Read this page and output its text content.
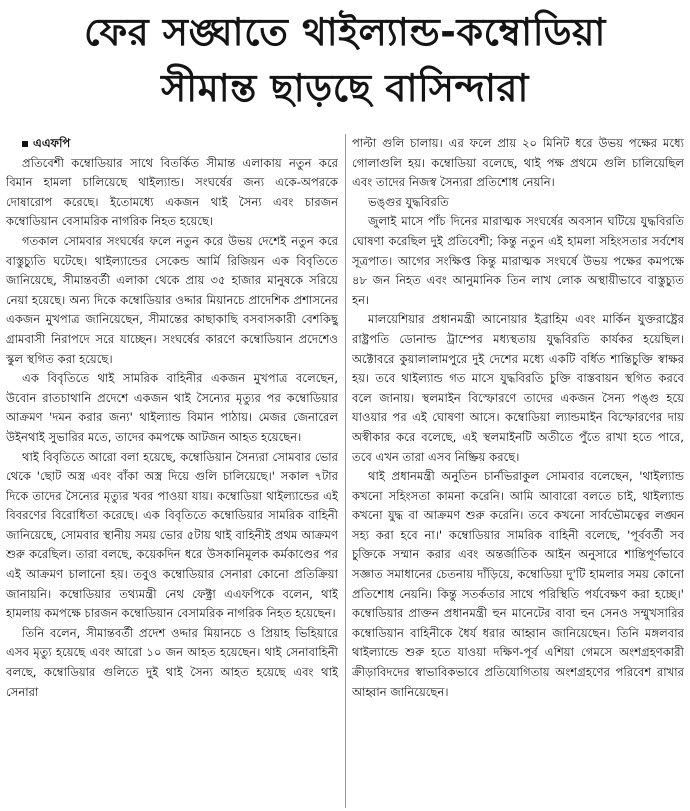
ফের সঙ্ঘাতে থাইল্যান্ড-কম্বোডিয়া
সীমান্ত ছাড়ছে বাসিন্দারা

এএফপি

প্রতিবেশী কম্বোডিয়ার সাথে বিতর্কিত সীমান্ত এলাকায় নতুন করে বিমান হামলা চালিয়েছে থাইল্যান্ড। সংঘর্ষের জন্য একে-অপরকে দোষারোপ করেছে। ইতোমধ্যে একজন থাই সৈন্য এবং চারজন কম্বোডিয়ান বেসামরিক নাগরিক নিহত হয়েছে।

গতকাল সোমবার সংঘর্ষের ফলে নতুন করে উভয় দেশেই নতুন করে বাস্তুচ্যুতি ঘটেছে। থাইল্যান্ডের সেকেন্ড আর্মি রিজিয়ন এক বিবৃতিতে জানিয়েছে, সীমান্তবর্তী এলাকা থেকে প্রায় ৩৫ হাজার মানুষকে সরিয়ে নেয়া হয়েছে। অন্য দিকে কম্বোডিয়ার ওদ্দার মিয়ানচে প্রাদেশিক প্রশাসনের একজন মুখপাত্র জানিয়েছেন, সীমান্তের কাছাকাছি বসবাসকারী বেশকিছু গ্রামবাসী নিরাপদে সরে যাচ্ছেন। সংঘর্ষের কারণে কম্বোডিয়ান প্রদেশেও স্কুল স্থগিত করা হয়েছে।

এক বিবৃতিতে থাই সামরিক বাহিনীর একজন মুখপাত্র বলেছেন, উবোন রাতচাথানি প্রদেশে একজন থাই সৈন্যের মৃত্যুর পর কম্বোডিয়ার আক্রমণ 'দমন করার জন্য' থাইল্যান্ড বিমান পাঠায়। মেজর জেনারেল উইনথাই সুভারির মতে, তাদের কমপক্ষে আটজন আহত হয়েছেন।

থাই বিবৃতিতে আরো বলা হয়েছে, কম্বোডিয়ান সৈন্যরা সোমবার ভোর থেকে 'ছোট অস্ত্র এবং বাঁকা অস্ত্র দিয়ে গুলি চালিয়েছে।' সকাল ৭টার দিকে তাদের সৈন্যের মৃত্যুর খবর পাওয়া যায়। কম্বোডিয়া থাইল্যান্ডের এই বিবরণের বিরোধিতা করেছে। এক বিবৃতিতে কম্বোডিয়ার সামরিক বাহিনী জানিয়েছে, সোমবার স্থানীয় সময় ভোর ৫টায় থাই বাহিনীই প্রথম আক্রমণ শুরু করেছিল। তারা বলছে, কয়েকদিন ধরে উসকানিমূলক কর্মকাণ্ডের পর এই আক্রমণ চালানো হয়। তবুও কম্বোডিয়ার সেনারা কোনো প্রতিক্রিয়া জানায়নি। কম্বোডিয়ার তথ্যমন্ত্রী নেথ ফেক্ট্রা এএফপিকে বলেন, থাই হামলায় কমপক্ষে চারজন কম্বোডিয়ান বেসামরিক নাগরিক নিহত হয়েছেন।

তিনি বলেন, সীমান্তবর্তী প্রদেশ ওদ্দার মিয়ানচে ও প্রিয়াহ ভিহিয়ারে এসব মৃত্যু হয়েছে এবং আরো ১০ জন আহত হয়েছেন। থাই সেনাবাহিনী বলছে, কম্বোডিয়ার গুলিতে দুই থাই সৈন্য আহত হয়েছে এবং থাই সেনারা

পাল্টা গুলি চালায়। এর ফলে প্রায় ২০ মিনিট ধরে উভয় পক্ষের মধ্যে গোলাগুলি হয়। কম্বোডিয়া বলেছে, থাই পক্ষ প্রথমে গুলি চালিয়েছিল এবং তাদের নিজস্ব সৈন্যরা প্রতিশোধ নেয়নি।

ভঙ্গুর যুদ্ধবিরতি

জুলাই মাসে পাঁচ দিনের মারাত্মক সংঘর্ষের অবসান ঘটিয়ে যুদ্ধবিরতি ঘোষণা করেছিল দুই প্রতিবেশী; কিন্তু নতুন এই হামলা সহিংসতার সর্বশেষ সূত্রপাত। আগের সংক্ষিপ্ত কিন্তু মারাত্মক সংঘর্ষে উভয় পক্ষের কমপক্ষে ৪৮ জন নিহত এবং আনুমানিক তিন লাখ লোক অস্থায়ীভাবে বাস্তুচ্যুত হন।

মালয়েশিয়ার প্রধানমন্ত্রী আনোয়ার ইব্রাহিম এবং মার্কিন যুক্তরাষ্ট্রের রাষ্ট্রপতি ডোনাল্ড ট্রাম্পের মধ্যস্থতায় যুদ্ধবিরতি কার্যকর হয়েছিল। অক্টোবরে কুয়ালালামপুরে দুই দেশের মধ্যে একটি বর্ধিত শান্তিচুক্তি স্বাক্ষর হয়। তবে থাইল্যান্ড গত মাসে যুদ্ধবিরতি চুক্তি বাস্তবায়ন স্থগিত করবে বলে জানায়। স্থলমাইন বিস্ফোরণে তাদের একজন সৈন্য পঙ্গু হয়ে যাওয়ার পর এই ঘোষণা আসে। কম্বোডিয়া ল্যান্ডমাইন বিস্ফোরণের দায় অস্বীকার করে বলেছে, এই স্থলমাইনটি অতীতে পুঁতে রাখা হতে পারে, তবে এখন তারা এসব নিষ্ক্রিয় করছে।

থাই প্রধানমন্ত্রী অনুতিন চার্নভিরাকুল সোমবার বলেছেন, 'থাইল্যান্ড কখনো সহিংসতা কামনা করেনি। আমি আবারো বলতে চাই, থাইল্যান্ড কখনো যুদ্ধ বা আক্রমণ শুরু করেনি। তবে কখনো সার্বভৌমত্বের লঙ্ঘন সহ্য করা হবে না।' কম্বোডিয়ার সামরিক বাহিনী বলেছে, 'পূর্ববর্তী সব চুক্তিকে সম্মান করার এবং অন্তর্জাতিক আইন অনুসারে শান্তিপূর্ণভাবে সজ্ঞাত সমাধানের চেতনায় দাঁড়িয়ে, কম্বোডিয়া দু'টি হামলার সময় কোনো প্রতিশোধ নেয়নি। কিন্তু সতর্কতার সাথে পরিস্থিতি পর্যবেক্ষণ করা হচ্ছে।' কম্বোডিয়ার প্রাক্তন প্রধানমন্ত্রী হুন মানেটের বাবা হুন সেনও সম্মুখসারির কম্বোডিয়ান বাহিনীকে ধৈর্য ধরার আহ্বান জানিয়েছেন। তিনি মঙ্গলবার থাইল্যান্ডে শুরু হতে যাওয়া দক্ষিণ-পূর্ব এশিয়া গেমসে অংশগ্রহণকারী ক্রীড়াবিদদের স্বাভাবিকভাবে প্রতিযোগিতায় অংশগ্রহণের পরিবেশ রাখার আহ্বান জানিয়েছেন।
